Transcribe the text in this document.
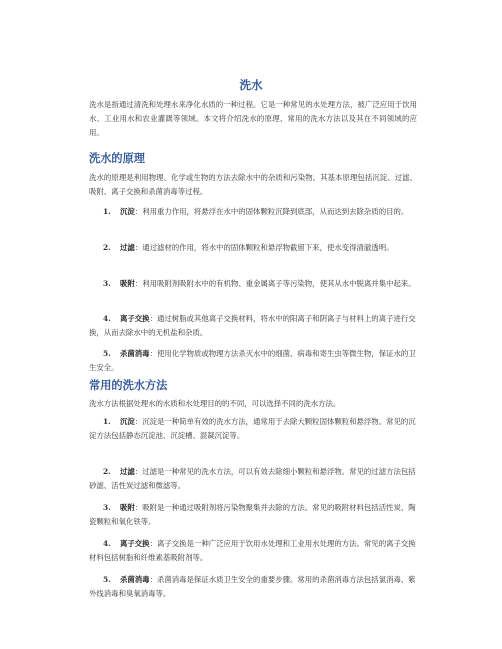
洗水

洗水是指通过清洗和处理水来净化水质的一种过程。它是一种常见的水处理方法，被广泛应用于饮用水、工业用水和农业灌溉等领域。本文将介绍洗水的原理、常用的洗水方法以及其在不同领域的应用。

洗水的原理

洗水的原理是利用物理、化学或生物的方法去除水中的杂质和污染物。其基本原理包括沉淀、过滤、吸附、离子交换和杀菌消毒等过程。

1. 沉淀：利用重力作用，将悬浮在水中的固体颗粒沉降到底部，从而达到去除杂质的目的。

2. 过滤：通过滤材的作用，将水中的固体颗粒和悬浮物截留下来，使水变得清澈透明。

3. 吸附：利用吸附剂吸附水中的有机物、重金属离子等污染物，使其从水中脱离并集中起来。

4. 离子交换：通过树脂或其他离子交换材料，将水中的阳离子和阴离子与材料上的离子进行交换，从而去除水中的无机盐和杂质。

5. 杀菌消毒：使用化学物质或物理方法杀灭水中的细菌、病毒和寄生虫等微生物，保证水的卫生安全。

常用的洗水方法

洗水方法根据处理水的水质和水处理目的的不同，可以选择不同的洗水方法。

1. 沉淀：沉淀是一种简单有效的洗水方法，通常用于去除大颗粒固体颗粒和悬浮物。常见的沉淀方法包括静态沉淀池、沉淀槽、混凝沉淀等。

2. 过滤：过滤是一种常见的洗水方法，可以有效去除细小颗粒和悬浮物。常见的过滤方法包括砂滤、活性炭过滤和微滤等。

3. 吸附：吸附是一种通过吸附剂将污染物聚集并去除的方法。常见的吸附材料包括活性炭、陶瓷颗粒和氧化铁等。

4. 离子交换：离子交换是一种广泛应用于饮用水处理和工业用水处理的方法。常见的离子交换材料包括树脂和纤维素基吸附剂等。

5. 杀菌消毒：杀菌消毒是保证水质卫生安全的重要步骤。常用的杀菌消毒方法包括氯消毒、紫外线消毒和臭氧消毒等。
